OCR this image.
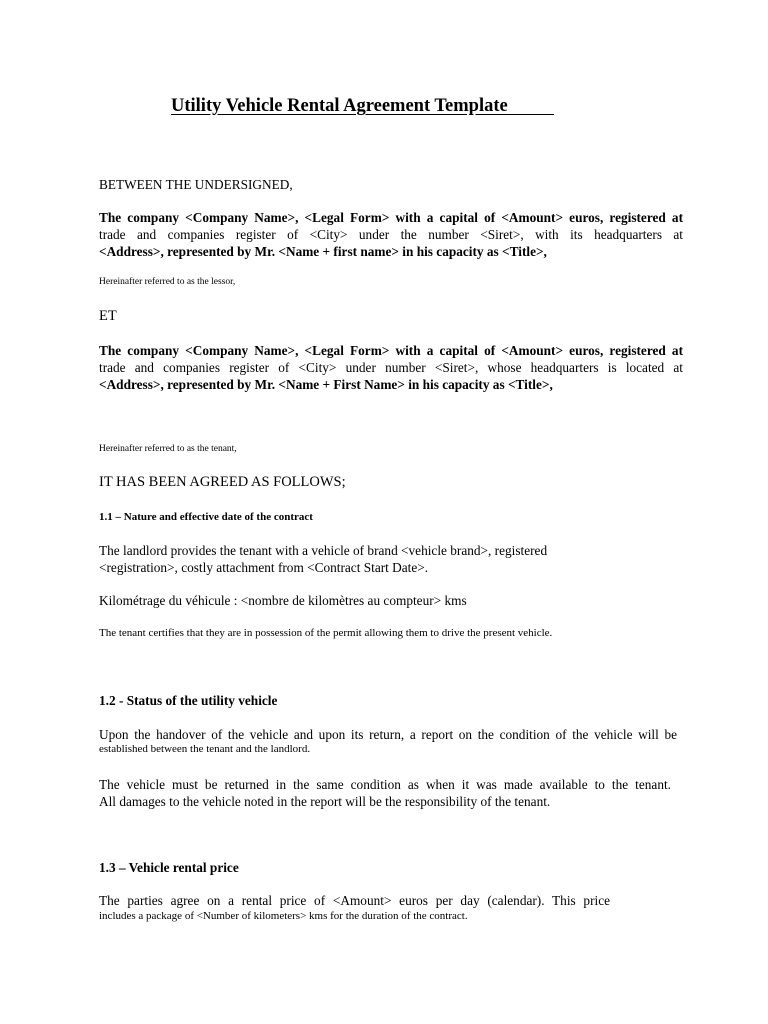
Utility Vehicle Rental Agreement Template
BETWEEN THE UNDERSIGNED,
The company <Company Name>, <Legal Form> with a capital of <Amount> euros, registered at
trade and companies register of <City> under the number <Siret>, with its headquarters at
<Address>, represented by Mr. <Name + first name> in his capacity as <Title>,
Hereinafter referred to as the lessor,
ET
The company <Company Name>, <Legal Form> with a capital of <Amount> euros, registered at
trade and companies register of <City> under number <Siret>, whose headquarters is located at
<Address>, represented by Mr. <Name + First Name> in his capacity as <Title>,
Hereinafter referred to as the tenant,
IT HAS BEEN AGREED AS FOLLOWS;
1.1 – Nature and effective date of the contract
The landlord provides the tenant with a vehicle of brand <vehicle brand>, registered
<registration>, costly attachment from <Contract Start Date>.
Kilométrage du véhicule : <nombre de kilomètres au compteur> kms
The tenant certifies that they are in possession of the permit allowing them to drive the present vehicle.
1.2 - Status of the utility vehicle
Upon the handover of the vehicle and upon its return, a report on the condition of the vehicle will be
established between the tenant and the landlord.
The vehicle must be returned in the same condition as when it was made available to the tenant.
All damages to the vehicle noted in the report will be the responsibility of the tenant.
1.3 – Vehicle rental price
The parties agree on a rental price of <Amount> euros per day (calendar). This price
includes a package of <Number of kilometers> kms for the duration of the contract.
